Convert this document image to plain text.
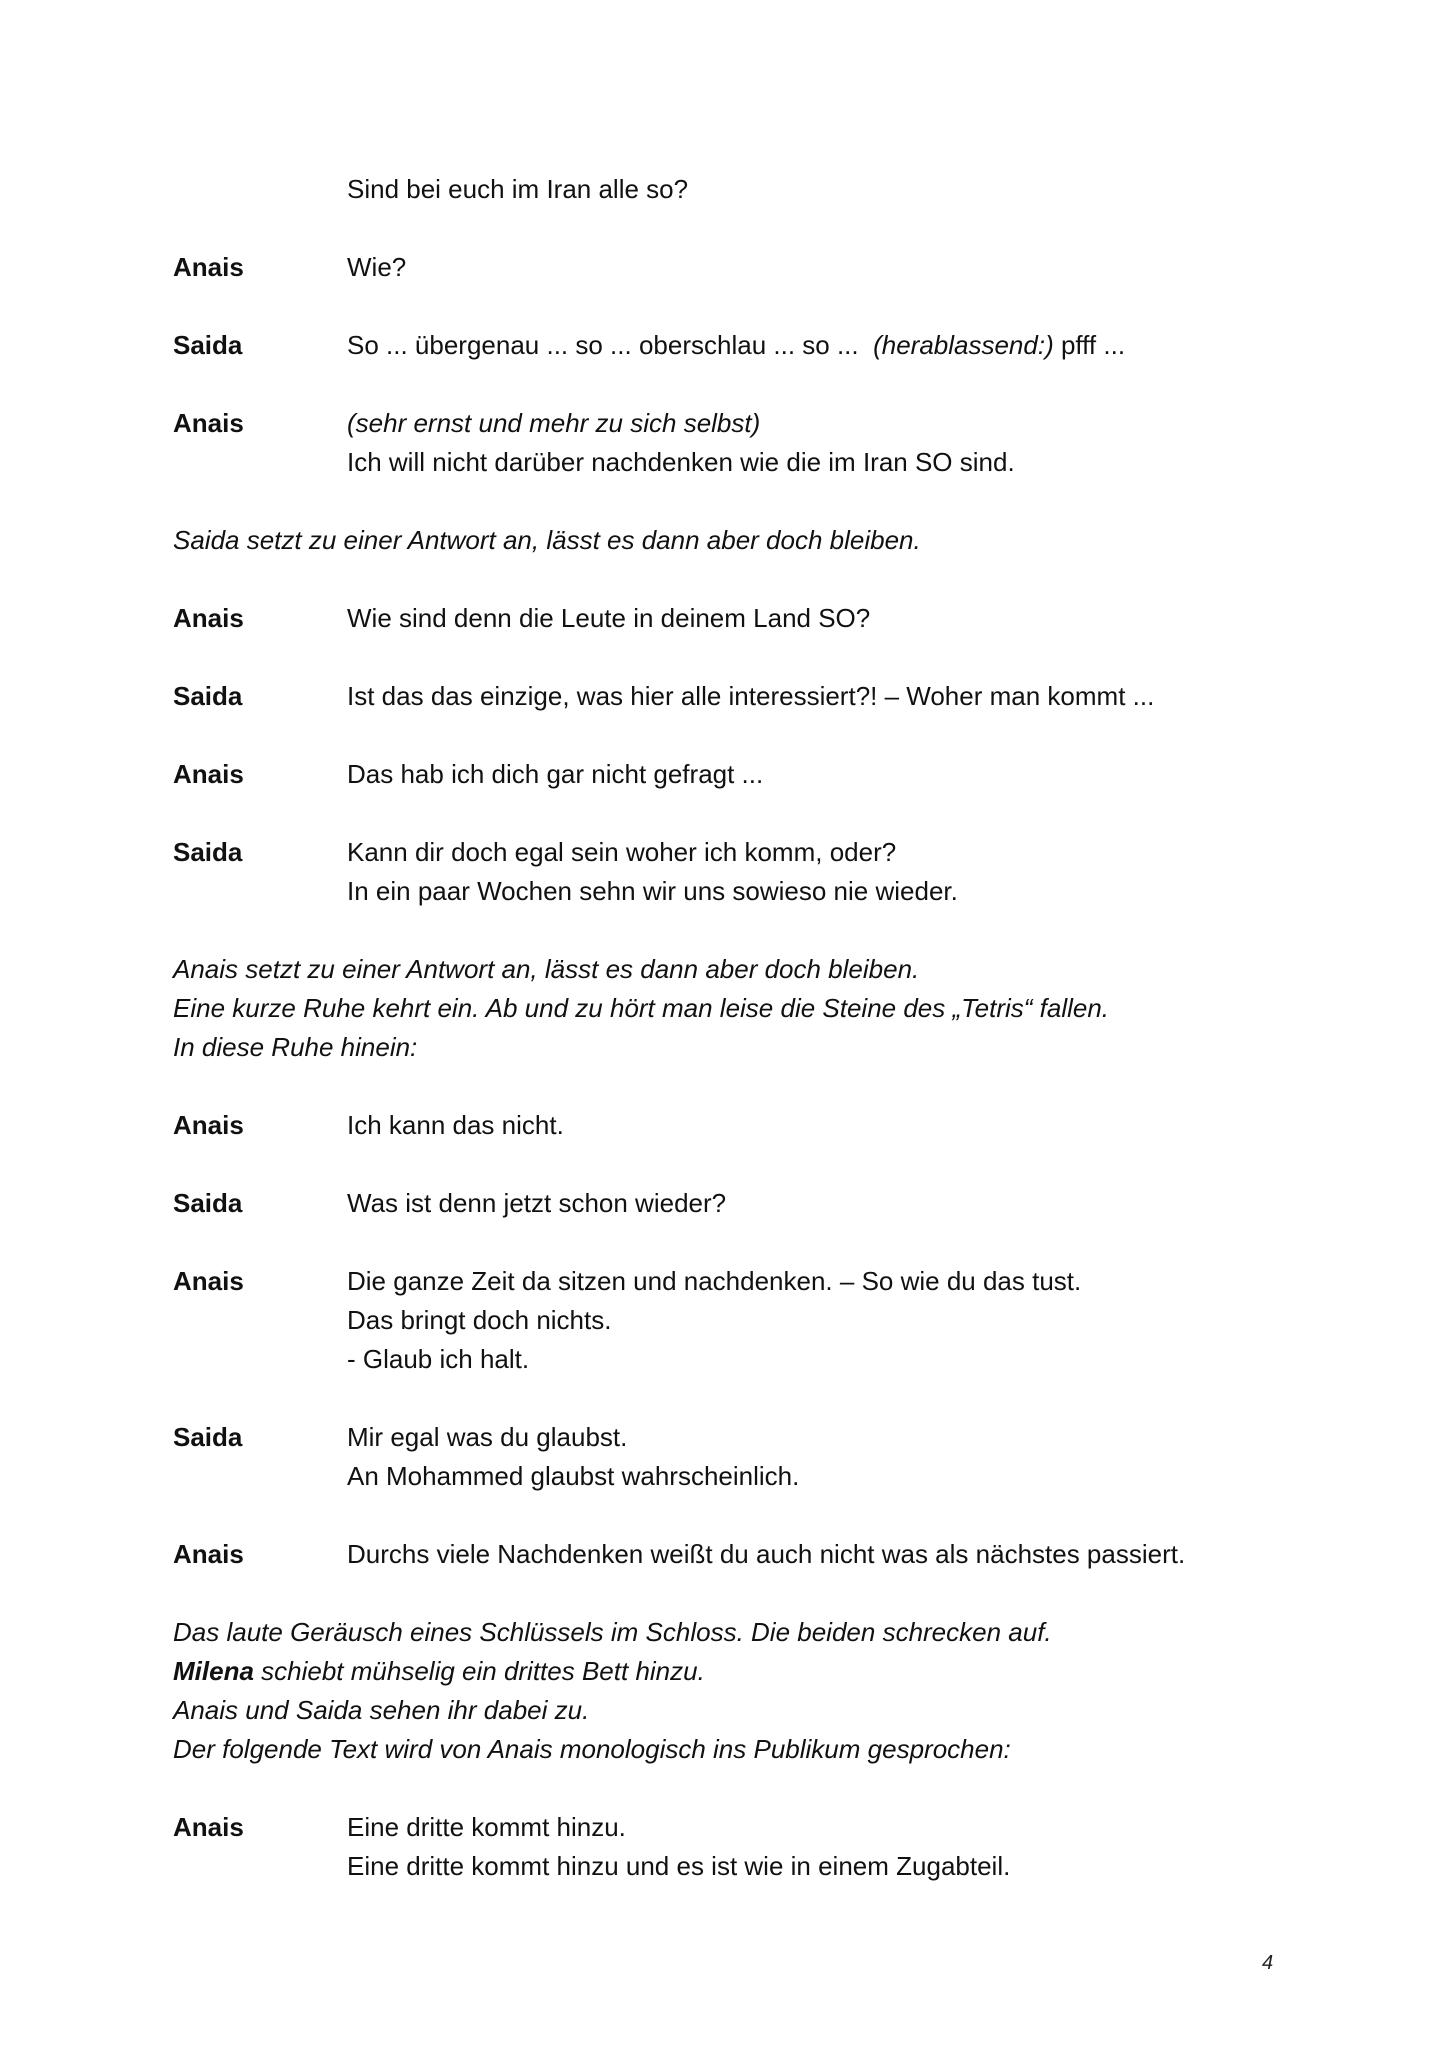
Sind bei euch im Iran alle so?
Anais	Wie?
Saida	So ... übergenau ... so ... oberschlau ... so ...  (herablassend:) pfff ...
Anais	(sehr ernst und mehr zu sich selbst)
Ich will nicht darüber nachdenken wie die im Iran SO sind.
Saida setzt zu einer Antwort an, lässt es dann aber doch bleiben.
Anais	Wie sind denn die Leute in deinem Land SO?
Saida	Ist das das einzige, was hier alle interessiert?! – Woher man kommt ...
Anais	Das hab ich dich gar nicht gefragt ...
Saida	Kann dir doch egal sein woher ich komm, oder?
In ein paar Wochen sehn wir uns sowieso nie wieder.
Anais setzt zu einer Antwort an, lässt es dann aber doch bleiben.
Eine kurze Ruhe kehrt ein. Ab und zu hört man leise die Steine des „Tetris“ fallen.
In diese Ruhe hinein:
Anais	Ich kann das nicht.
Saida	Was ist denn jetzt schon wieder?
Anais	Die ganze Zeit da sitzen und nachdenken. – So wie du das tust.
Das bringt doch nichts.
- Glaub ich halt.
Saida	Mir egal was du glaubst.
An Mohammed glaubst wahrscheinlich.
Anais	Durchs viele Nachdenken weißt du auch nicht was als nächstes passiert.
Das laute Geräusch eines Schlüssels im Schloss. Die beiden schrecken auf.
Milena schiebt mühselig ein drittes Bett hinzu.
Anais und Saida sehen ihr dabei zu.
Der folgende Text wird von Anais monologisch ins Publikum gesprochen:
Anais	Eine dritte kommt hinzu.
Eine dritte kommt hinzu und es ist wie in einem Zugabteil.
4
